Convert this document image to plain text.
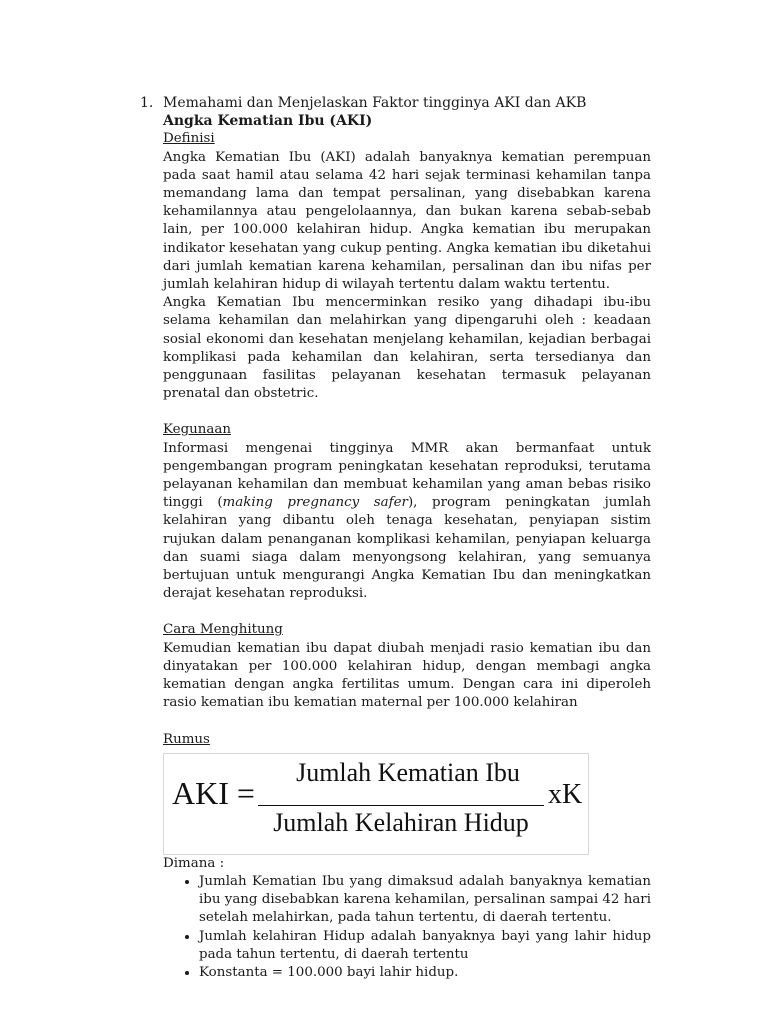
1. Memahami dan Menjelaskan Faktor tingginya AKI dan AKB

Angka Kematian Ibu (AKI)

Definisi

Angka Kematian Ibu (AKI) adalah banyaknya kematian perempuan pada saat hamil atau selama 42 hari sejak terminasi kehamilan tanpa memandang lama dan tempat persalinan, yang disebabkan karena kehamilannya atau pengelolaannya, dan bukan karena sebab-sebab lain, per 100.000 kelahiran hidup. Angka kematian ibu merupakan indikator kesehatan yang cukup penting. Angka kematian ibu diketahui dari jumlah kematian karena kehamilan, persalinan dan ibu nifas per jumlah kelahiran hidup di wilayah tertentu dalam waktu tertentu.

Angka Kematian Ibu mencerminkan resiko yang dihadapi ibu-ibu selama kehamilan dan melahirkan yang dipengaruhi oleh : keadaan sosial ekonomi dan kesehatan menjelang kehamilan, kejadian berbagai komplikasi pada kehamilan dan kelahiran, serta tersedianya dan penggunaan fasilitas pelayanan kesehatan termasuk pelayanan prenatal dan obstetric.

Kegunaan

Informasi mengenai tingginya MMR akan bermanfaat untuk pengembangan program peningkatan kesehatan reproduksi, terutama pelayanan kehamilan dan membuat kehamilan yang aman bebas risiko tinggi (making pregnancy safer), program peningkatan jumlah kelahiran yang dibantu oleh tenaga kesehatan, penyiapan sistim rujukan dalam penanganan komplikasi kehamilan, penyiapan keluarga dan suami siaga dalam menyongsong kelahiran, yang semuanya bertujuan untuk mengurangi Angka Kematian Ibu dan meningkatkan derajat kesehatan reproduksi.

Cara Menghitung

Kemudian kematian ibu dapat diubah menjadi rasio kematian ibu dan dinyatakan per 100.000 kelahiran hidup, dengan membagi angka kematian dengan angka fertilitas umum. Dengan cara ini diperoleh rasio kematian ibu kematian maternal per 100.000 kelahiran

Rumus

AKI =
Jumlah Kematian Ibu
Jumlah Kelahiran Hidup
xK

Dimana :

• Jumlah Kematian Ibu yang dimaksud adalah banyaknya kematian ibu yang disebabkan karena kehamilan, persalinan sampai 42 hari setelah melahirkan, pada tahun tertentu, di daerah tertentu.
• Jumlah kelahiran Hidup adalah banyaknya bayi yang lahir hidup pada tahun tertentu, di daerah tertentu
• Konstanta = 100.000 bayi lahir hidup.
